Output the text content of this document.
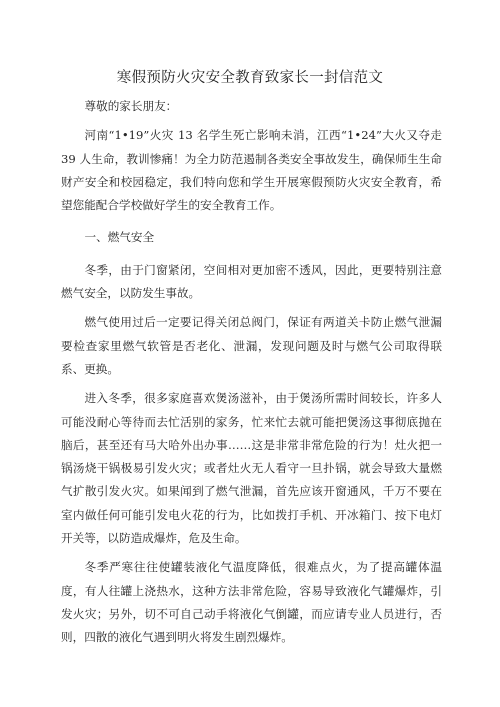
寒假预防火灾安全教育致家长一封信范文

尊敬的家长朋友：

河南“1•19”火灾 13 名学生死亡影响未消，江西“1•24”大火又夺走 39 人生命，教训惨痛！为全力防范遏制各类安全事故发生，确保师生生命财产安全和校园稳定，我们特向您和学生开展寒假预防火灾安全教育，希望您能配合学校做好学生的安全教育工作。

一、燃气安全

冬季，由于门窗紧闭，空间相对更加密不透风，因此，更要特别注意燃气安全，以防发生事故。

燃气使用过后一定要记得关闭总阀门，保证有两道关卡防止燃气泄漏 要检查家里燃气软管是否老化、泄漏，发现问题及时与燃气公司取得联系、更换。

进入冬季，很多家庭喜欢煲汤滋补，由于煲汤所需时间较长，许多人可能没耐心等待而去忙活别的家务，忙来忙去就可能把煲汤这事彻底抛在脑后，甚至还有马大哈外出办事……这是非常非常危险的行为！灶火把一锅汤烧干锅极易引发火灾；或者灶火无人看守一旦扑锅，就会导致大量燃气扩散引发火灾。如果闻到了燃气泄漏，首先应该开窗通风，千万不要在室内做任何可能引发电火花的行为，比如拨打手机、开冰箱门、按下电灯开关等，以防造成爆炸，危及生命。

冬季严寒往往使罐装液化气温度降低，很难点火，为了提高罐体温度，有人往罐上浇热水，这种方法非常危险，容易导致液化气罐爆炸，引发火灾；另外，切不可自己动手将液化气倒罐，而应请专业人员进行，否则，四散的液化气遇到明火将发生剧烈爆炸。
